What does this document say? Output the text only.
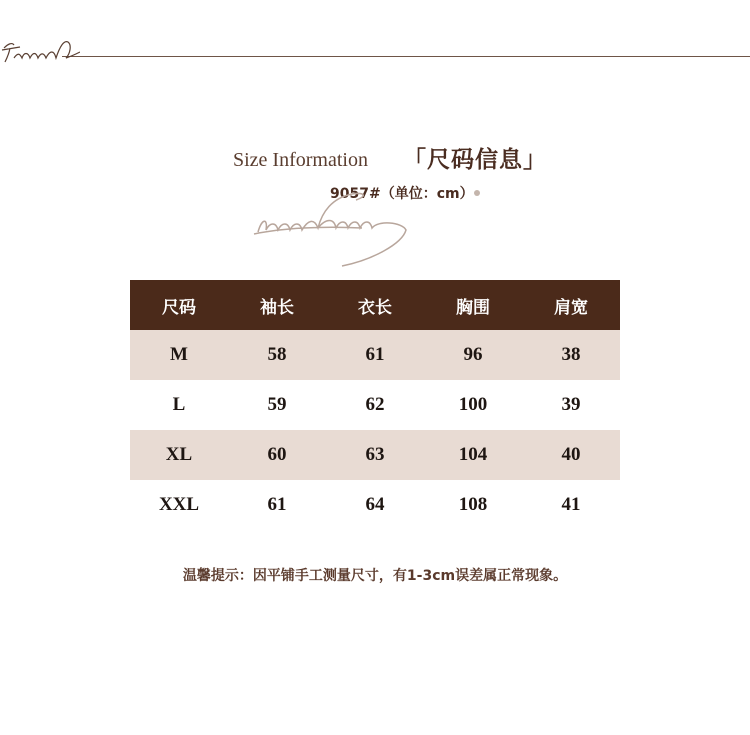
Size Information 「尺码信息」
9057#（单位：cm）
尺码	袖长	衣长	胸围	肩宽
M	58	61	96	38
L	59	62	100	39
XL	60	63	104	40
XXL	61	64	108	41
温馨提示：因平铺手工测量尺寸，有1-3cm误差属正常现象。
